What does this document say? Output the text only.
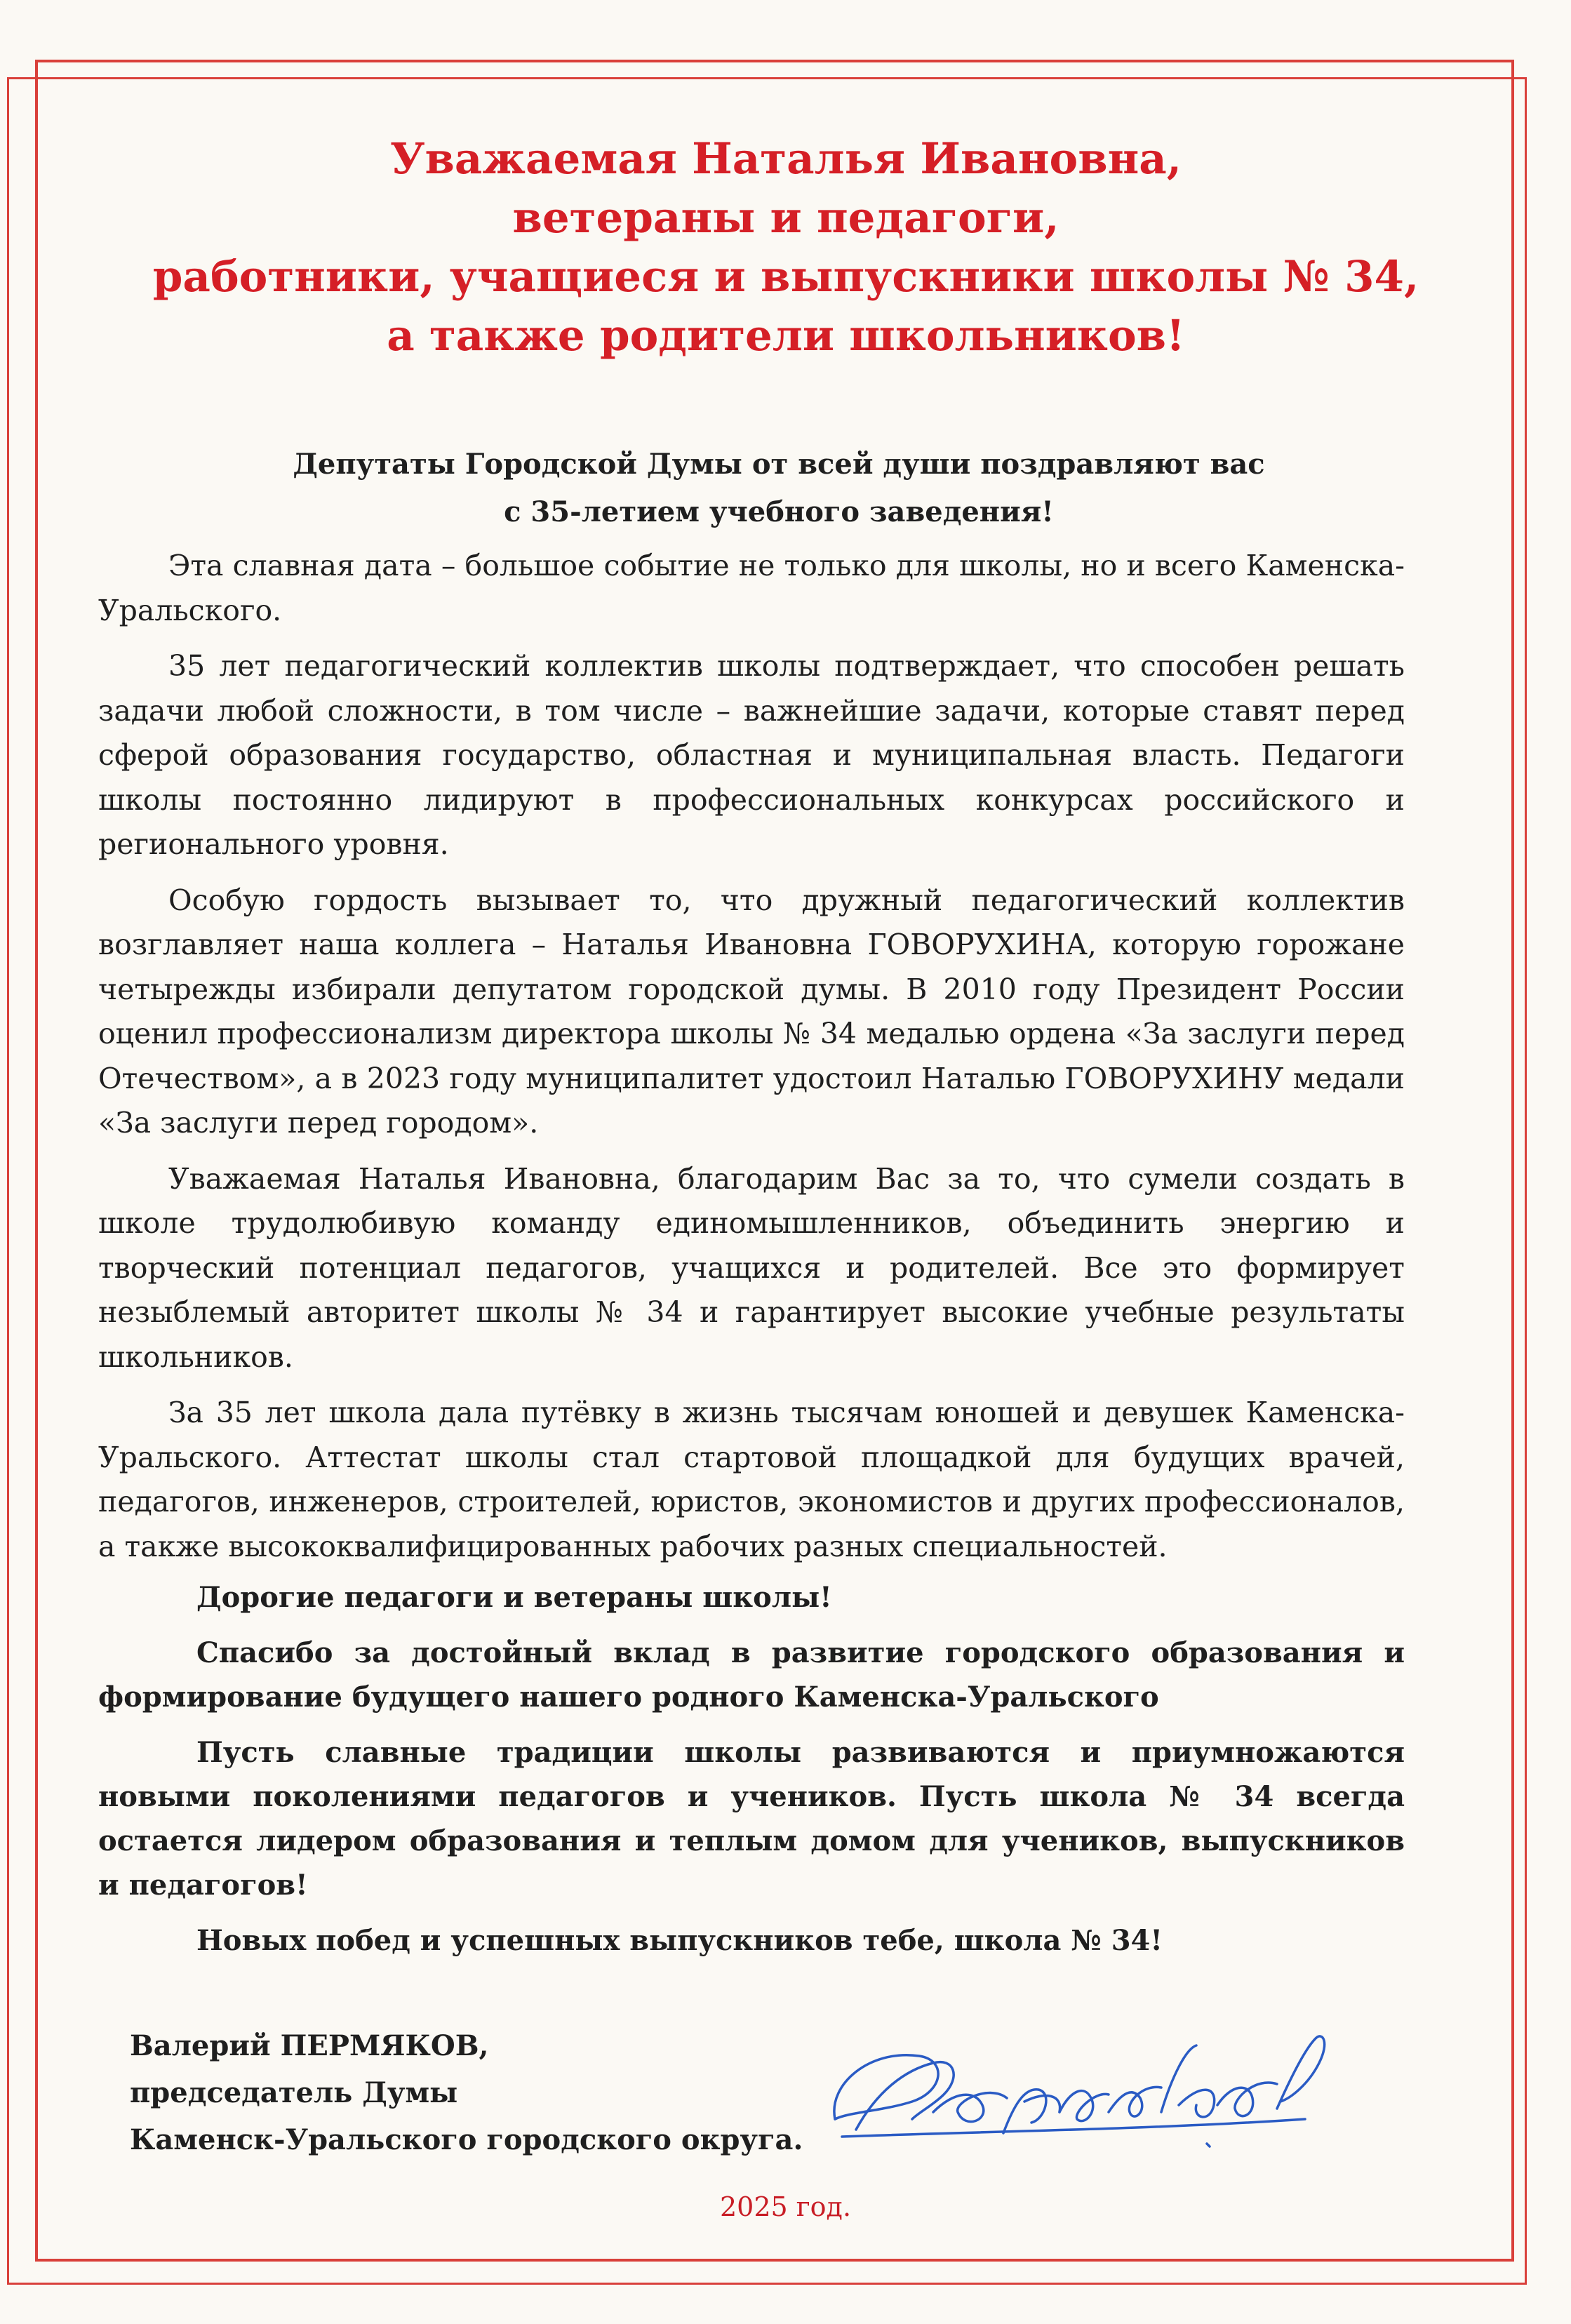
Уважаемая Наталья Ивановна,
ветераны и педагоги,
работники, учащиеся и выпускники школы № 34,
а также родители школьников!
Депутаты Городской Думы от всей души поздравляют вас
с 35-летием учебного заведения!

Эта славная дата – большое событие не только для школы, но и всего Каменска-Уральского.

35 лет педагогический коллектив школы подтверждает, что способен решать задачи любой сложности, в том числе – важнейшие задачи, которые ставят перед сферой образования государство, областная и муниципальная власть. Педагоги школы постоянно лидируют в профессиональных конкурсах российского и регионального уровня.

Особую гордость вызывает то, что дружный педагогический коллектив возглавляет наша коллега – Наталья Ивановна ГОВОРУХИНА, которую горожане четырежды избирали депутатом городской думы. В 2010 году Президент России оценил профессионализм директора школы № 34 медалью ордена «За заслуги перед Отечеством», а в 2023 году муниципалитет удостоил Наталью ГОВОРУХИНУ медали «За заслуги перед городом».

Уважаемая Наталья Ивановна, благодарим Вас за то, что сумели создать в школе трудолюбивую команду единомышленников, объединить энергию и творческий потенциал педагогов, учащихся и родителей. Все это формирует незыблемый авторитет школы № 34 и гарантирует высокие учебные результаты школьников.

За 35 лет школа дала путёвку в жизнь тысячам юношей и девушек Каменска-Уральского. Аттестат школы стал стартовой площадкой для будущих врачей, педагогов, инженеров, строителей, юристов, экономистов и других профессионалов, а также высококвалифицированных рабочих разных специальностей.

Дорогие педагоги и ветераны школы!

Спасибо за достойный вклад в развитие городского образования и формирование будущего нашего родного Каменска-Уральского

Пусть славные традиции школы развиваются и приумножаются новыми поколениями педагогов и учеников. Пусть школа № 34 всегда остается лидером образования и теплым домом для учеников, выпускников и педагогов!

Новых побед и успешных выпускников тебе, школа № 34!

Валерий ПЕРМЯКОВ,
председатель Думы
Каменск-Уральского городского округа.
2025 год.
